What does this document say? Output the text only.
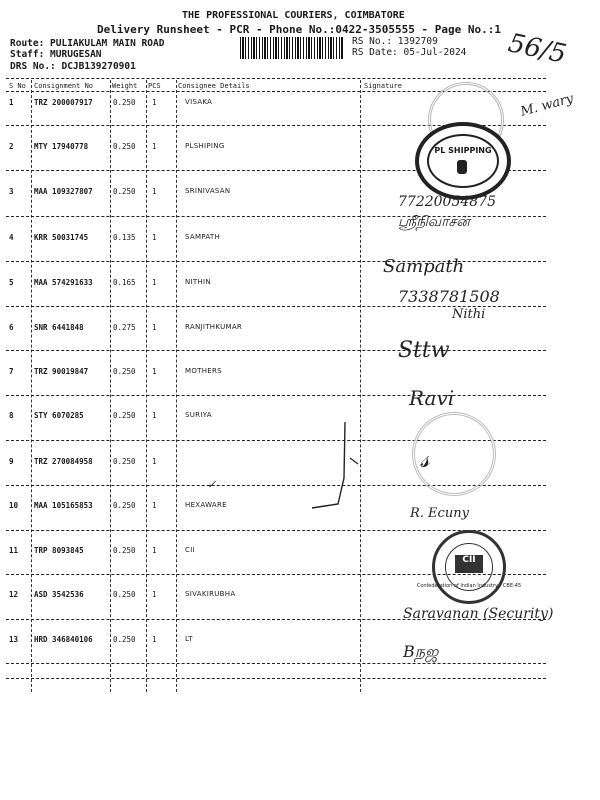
THE PROFESSIONAL COURIERS, COIMBATORE
Delivery Runsheet - PCR - Phone No.:0422-3505555 - Page No.:1
Route: PULIAKULAM MAIN ROAD
Staff: MURUGESAN
DRS No.: DCJB139270901
RS No.: 1392709
RS Date: 05-Jul-2024 56/5
S No Consignment No	Weight PCS Consignee Details	Signature
1	TRZ 200007917	0.250 1	VISAKA
2	MTY 17940778	0.250 1	PLSHIPING
3	MAA 109327807	0.250 1	SRINIVASAN
4	KRR 50031745	0.135 1	SAMPATH
5	MAA 574291633	0.165 1	NITHIN
6	SNR 6441848	0.275 1	RANJITHKUMAR
7	TRZ 90019847	0.250 1	MOTHERS
8	STY 6070285	0.250 1	SURIYA
9	TRZ 270084958	0.250 1
10 MAA 105165853	0.250 1	HEXAWARE
11 TRP 8093845	0.250 1	CII
12 ASD 3542536	0.250 1	SIVAKIRUBHA
13 HRD 346840106	0.250 1	LT
PL SHIPPING
CII
Confederation of Indian Industry - CBE-45
M. wary
77220054875
ஸ்ரீநிவாசன்
Sampath
7338781508
Nithi
Sttw
Ravi
𝓈
R. Ecuny
Saravanan (Security)
Bநஜ
✓
